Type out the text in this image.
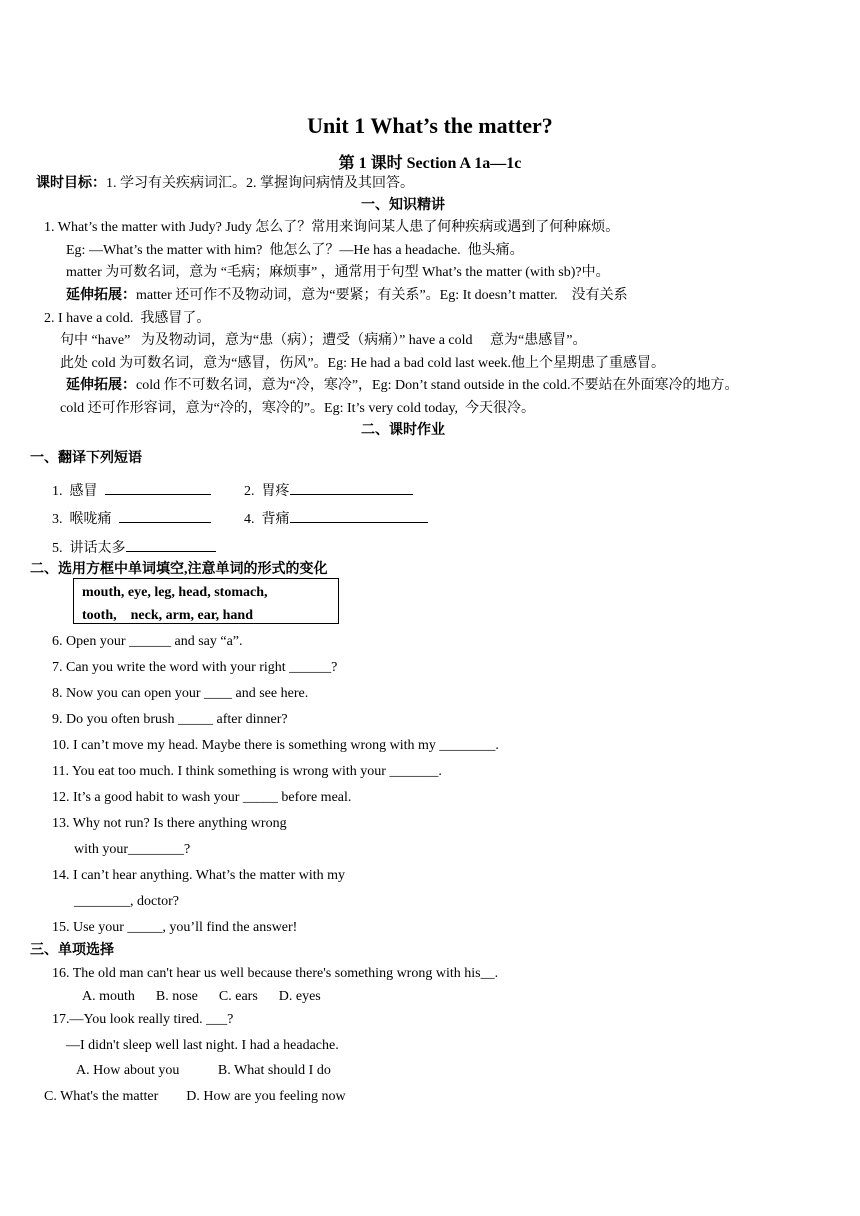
Unit 1 What’s the matter?
第 1 课时 Section A 1a—1c
课时目标：1. 学习有关疾病词汇。2. 掌握询问病情及其回答。
一、知识精讲
1. What’s the matter with Judy? Judy 怎么了？常用来询问某人患了何种疾病或遇到了何种麻烦。
Eg: —What’s the matter with him?  他怎么了？—He has a headache.  他头痛。
matter 为可数名词，意为 “毛病；麻烦事” ，通常用于句型 What’s the matter (with sb)?中。
延伸拓展：matter 还可作不及物动词，意为“要紧；有关系”。Eg: It doesn’t matter.    没有关系
2. I have a cold.  我感冒了。
句中 “have”   为及物动词，意为“患（病）；遭受（病痛）” have a cold     意为“患感冒”。
此处 cold 为可数名词，意为“感冒，伤风”。Eg: He had a bad cold last week.他上个星期患了重感冒。
延伸拓展：cold 作不可数名词，意为“冷，寒冷”，Eg: Don’t stand outside in the cold.不要站在外面寒冷的地方。
cold 还可作形容词，意为“冷的，寒冷的”。Eg: It’s very cold today,  今天很冷。
二、课时作业
一、翻译下列短语
1.  感冒	2.  胃疼
3.  喉咙痛	4.  背痛
5.  讲话太多
二、选用方框中单词填空,注意单词的形式的变化
mouth, eye, leg, head, stomach,
tooth,    neck, arm, ear, hand
6. Open your ______ and say “a”.
7. Can you write the word with your right ______?
8. Now you can open your ____ and see here.
9. Do you often brush _____ after dinner?
10. I can’t move my head. Maybe there is something wrong with my ________.
11. You eat too much. I think something is wrong with your _______.
12. It’s a good habit to wash your _____ before meal.
13. Why not run? Is there anything wrong
with your________?
14. I can’t hear anything. What’s the matter with my
________, doctor?
15. Use your _____, you’ll find the answer!
三、单项选择
16. The old man can't hear us well because there's something wrong with his__.
A. mouth      B. nose      C. ears      D. eyes
17.—You look really tired. ___?
—I didn't sleep well last night. I had a headache.
A. How about you           B. What should I do
C. What's the matter        D. How are you feeling now
